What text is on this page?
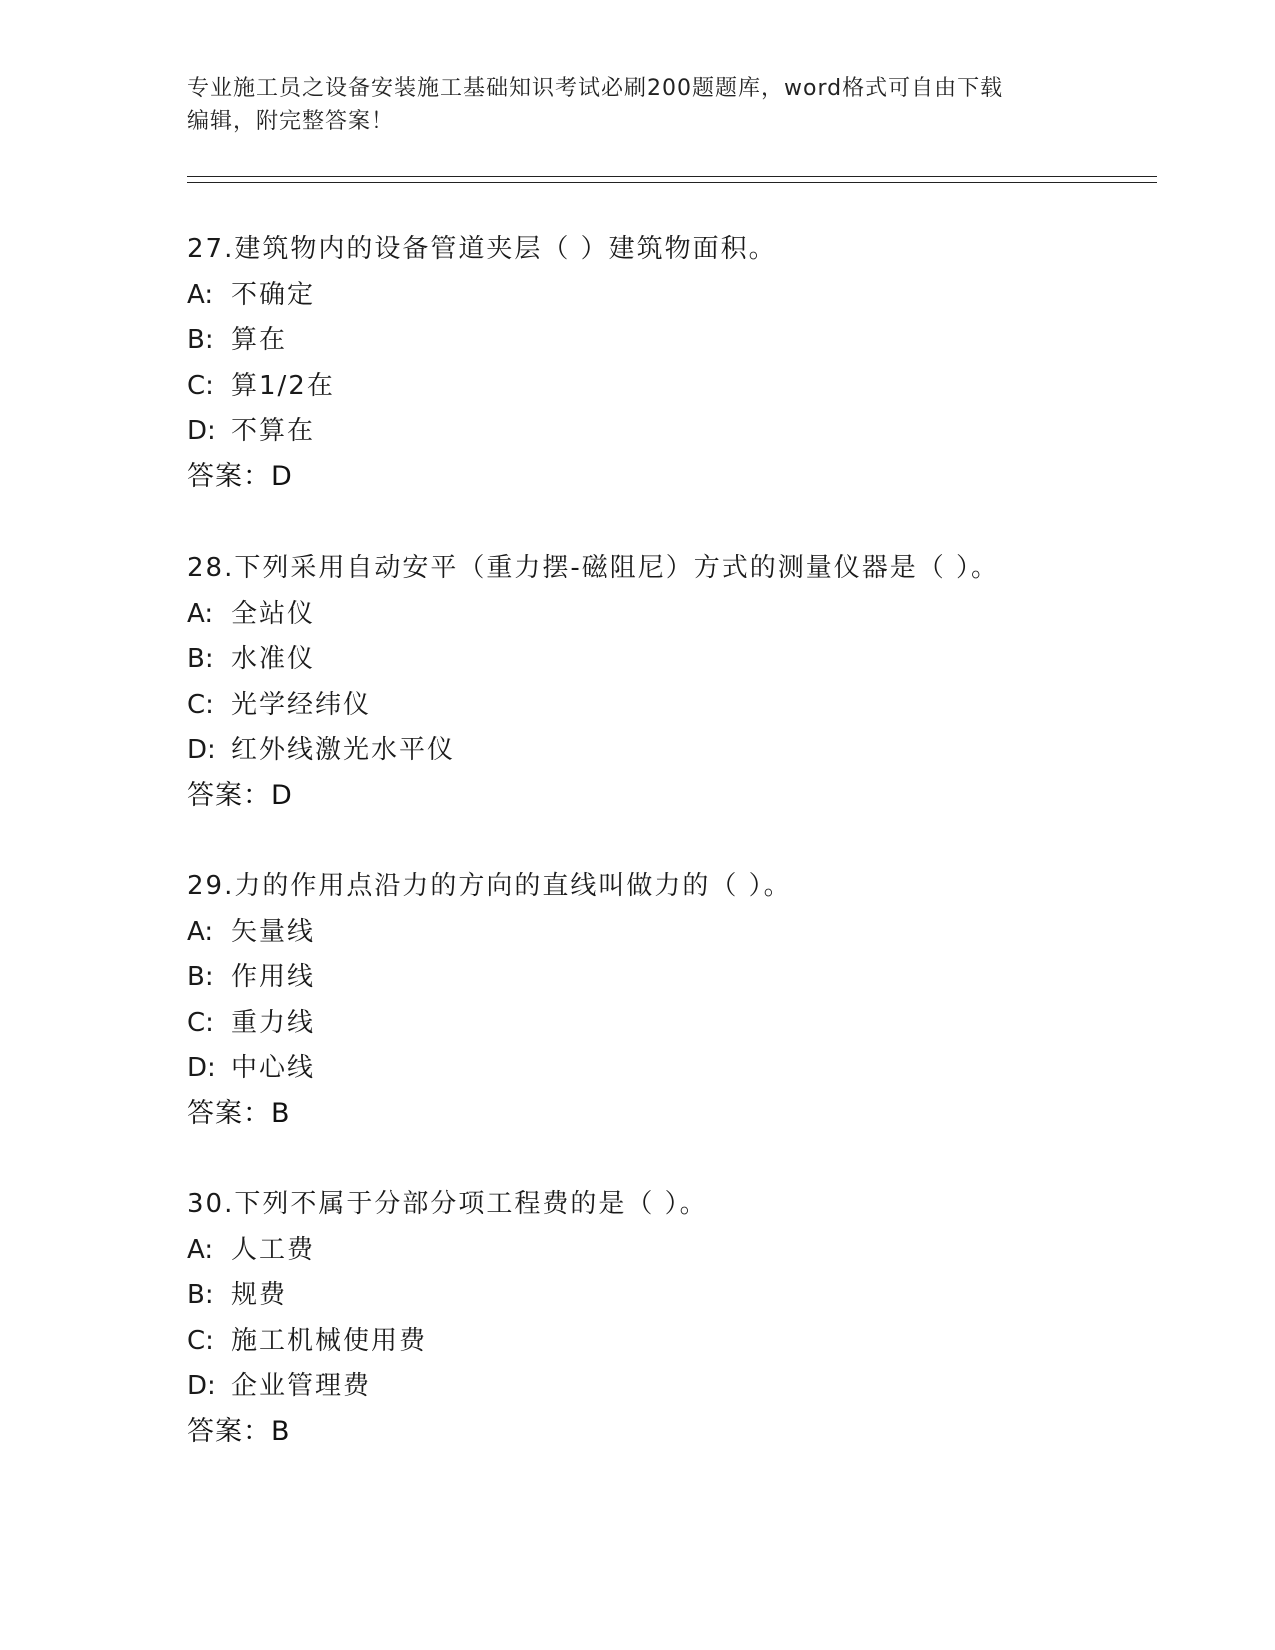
专业施工员之设备安装施工基础知识考试必刷200题题库，word格式可自由下载
编辑，附完整答案！
27.建筑物内的设备管道夹层（ ）建筑物面积。
A: 不确定
B: 算在
C: 算1/2在
D: 不算在
答案：D
28.下列采用自动安平（重力摆-磁阻尼）方式的测量仪器是（ ）。
A: 全站仪
B: 水准仪
C: 光学经纬仪
D: 红外线激光水平仪
答案：D
29.力的作用点沿力的方向的直线叫做力的（ ）。
A: 矢量线
B: 作用线
C: 重力线
D: 中心线
答案：B
30.下列不属于分部分项工程费的是（ ）。
A: 人工费
B: 规费
C: 施工机械使用费
D: 企业管理费
答案：B
